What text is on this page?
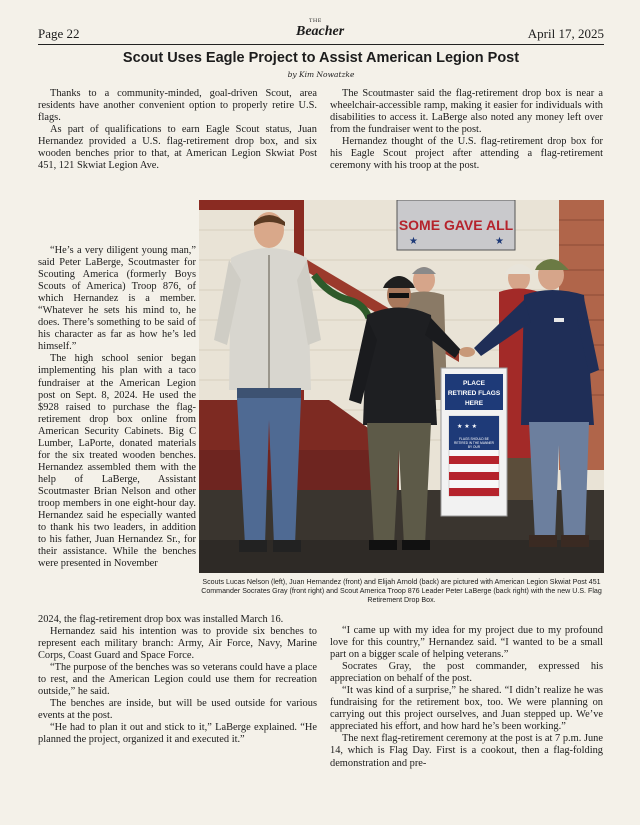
Page 22
THE
Beacher	April 17, 2025
Scout Uses Eagle Project to Assist American Legion Post
by Kim Nowatzke

Thanks to a community-minded, goal-driven Scout, area residents have another convenient option to properly retire U.S. flags.

As part of qualifications to earn Eagle Scout status, Juan Hernandez provided a U.S. flag-retirement drop box, and six wooden benches prior to that, at American Legion Skwiat Post 451, 121 Skwiat Legion Ave.

“He’s a very diligent young man,” said Peter LaBerge, Scoutmaster for Scouting America (formerly Boys Scouts of America) Troop 876, of which Hernandez is a member. “Whatever he sets his mind to, he does. There’s something to be said of his character as far as how he’s led himself.”

The high school senior began implementing his plan with a taco fundraiser at the American Legion post on Sept. 8, 2024. He used the $928 raised to purchase the flag-retirement drop box online from American Security Cabinets. Big C Lumber, LaPorte, donated materials for the six treated wooden benches. Hernandez assembled them with the help of LaBerge, Assistant Scoutmaster Brian Nelson and other troop members in one eight-hour day. Hernandez said he especially wanted to thank his two leaders, in addition to his father, Juan Hernandez Sr., for their assistance. While the benches were presented in November

2024, the flag-retirement drop box was installed March 16.

Hernandez said his intention was to provide six benches to represent each military branch: Army, Air Force, Navy, Marine Corps, Coast Guard and Space Force.

“The purpose of the benches was so veterans could have a place to rest, and the American Legion could use them for recreation outside,” he said.

The benches are inside, but will be used outside for various events at the post.

“He had to plan it out and stick to it,” LaBerge explained. “He planned the project, organized it and executed it.”

The Scoutmaster said the flag-retirement drop box is near a wheelchair-accessible ramp, making it easier for individuals with disabilities to access it. LaBerge also noted any money left over from the fundraiser went to the post.

Hernandez thought of the U.S. flag-retirement drop box for his Eagle Scout project after attending a flag-retirement ceremony with his troop at the post.

“I came up with my idea for my project due to my profound love for this country,” Hernandez said. “I wanted to be a small part on a bigger scale of helping veterans.”

Socrates Gray, the post commander, expressed his appreciation on behalf of the post.

“It was kind of a surprise,” he shared. “I didn’t realize he was fundraising for the retirement box, too. We were planning on carrying out this project ourselves, and Juan stepped up. We’ve appreciated his effort, and how hard he’s been working.”

The next flag-retirement ceremony at the post is at 7 p.m. June 14, which is Flag Day. First is a cookout, then a flag-folding demonstration and pre-

SOME GAVE ALL
★	★
PLACE
RETIRED FLAGS
HERE
★ ★ ★
FLAGS SHOULD BE
RETIRED IN THE MANNER
BY OUR
Scouts Lucas Nelson (left), Juan Hernandez (front) and Elijah Arnold (back) are pictured with American Legion Skwiat Post 451 Commander Socrates Gray (front right) and Scout America Troop 876 Leader Peter LaBerge (back right) with the new U.S. Flag Retirement Drop Box.
